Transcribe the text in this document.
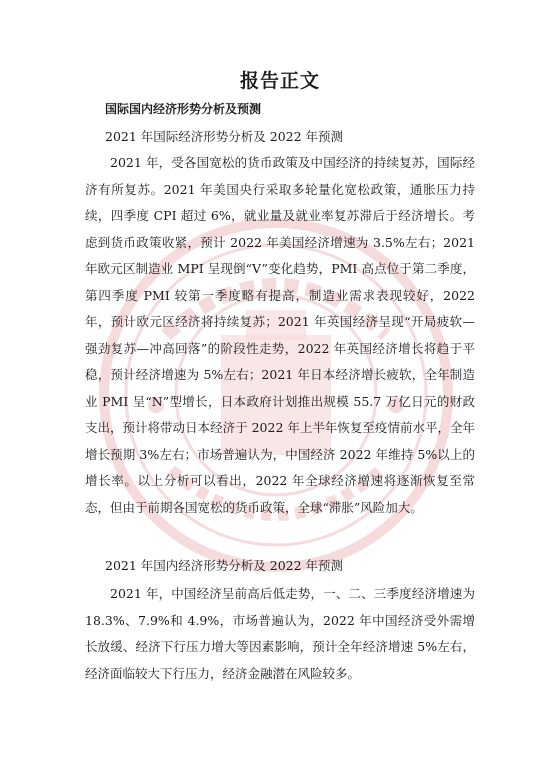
报告正文
国际国内经济形势分析及预测
2021 年国际经济形势分析及 2022 年预测
2021 年，受各国宽松的货币政策及中国经济的持续复苏，国际经济有所复苏。2021 年美国央行采取多轮量化宽松政策，通胀压力持续，四季度 CPI 超过 6%，就业量及就业率复苏滞后于经济增长。考虑到货币政策收紧，预计 2022 年美国经济增速为 3.5%左右；2021 年欧元区制造业 MPI 呈现倒“V”变化趋势，PMI 高点位于第二季度，第四季度 PMI 较第一季度略有提高，制造业需求表现较好，2022 年，预计欧元区经济将持续复苏；2021 年英国经济呈现“开局疲软—强劲复苏—冲高回落”的阶段性走势，2022 年英国经济增长将趋于平稳，预计经济增速为 5%左右；2021 年日本经济增长疲软，全年制造业 PMI 呈“N”型增长，日本政府计划推出规模 55.7 万亿日元的财政支出，预计将带动日本经济于 2022 年上半年恢复至疫情前水平，全年增长预期 3%左右；市场普遍认为，中国经济 2022 年维持 5%以上的增长率。以上分析可以看出，2022 年全球经济增速将逐渐恢复至常态，但由于前期各国宽松的货币政策，全球“滞胀”风险加大。
2021 年国内经济形势分析及 2022 年预测
2021 年，中国经济呈前高后低走势，一、二、三季度经济增速为 18.3%、7.9%和 4.9%，市场普遍认为，2022 年中国经济受外需增长放缓、经济下行压力增大等因素影响，预计全年经济增速 5%左右，经济面临较大下行压力，经济金融潜在风险较多。
